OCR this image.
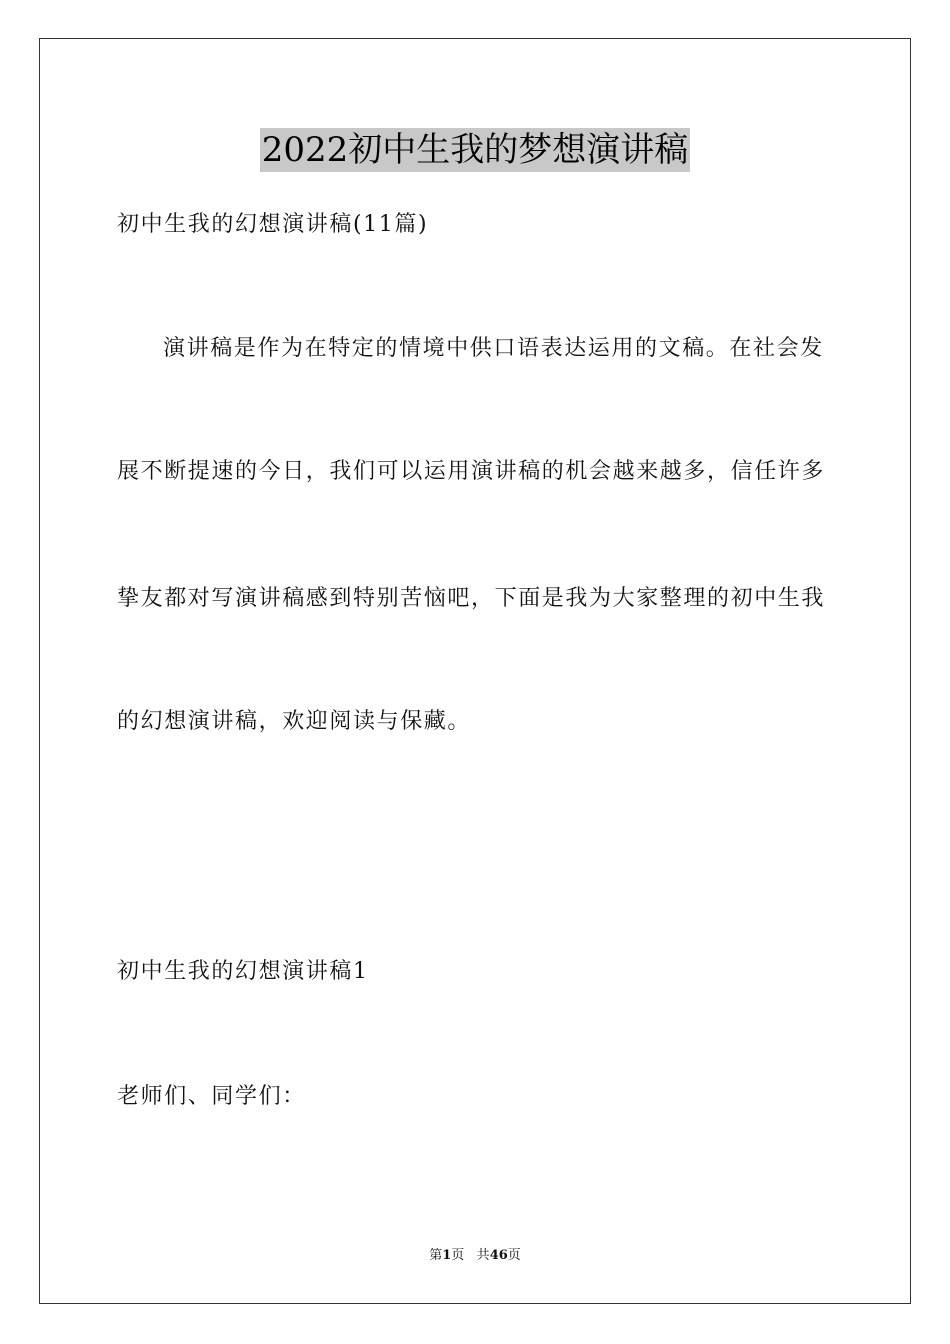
2022初中生我的梦想演讲稿
初中生我的幻想演讲稿(11篇)
演讲稿是作为在特定的情境中供口语表达运用的文稿。在社会发
展不断提速的今日，我们可以运用演讲稿的机会越来越多，信任许多
挚友都对写演讲稿感到特别苦恼吧，下面是我为大家整理的初中生我
的幻想演讲稿，欢迎阅读与保藏。
初中生我的幻想演讲稿1
老师们、同学们：
第1页 共46页
